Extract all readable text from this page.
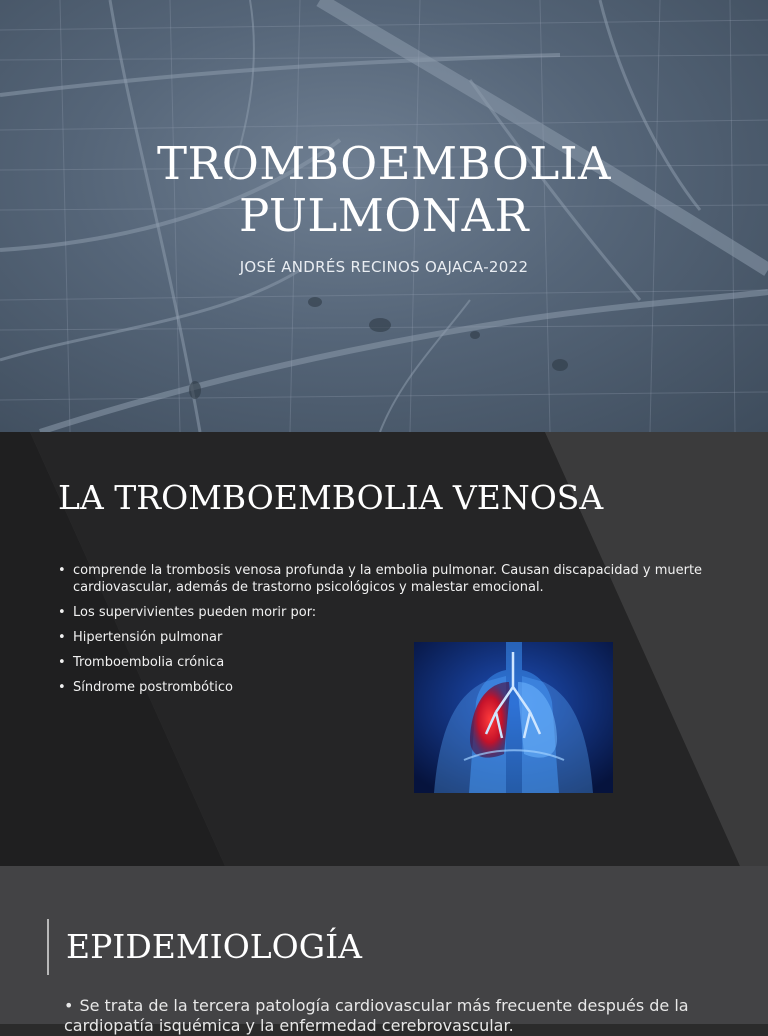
TROMBOEMBOLIA
PULMONAR
JOSÉ ANDRÉS RECINOS OAJACA-2022
LA TROMBOEMBOLIA VENOSA
• comprende la trombosis venosa profunda y la embolia pulmonar. Causan discapacidad y muerte cardiovascular, además de trastorno psicológicos y malestar emocional.
• Los supervivientes pueden morir por:
• Hipertensión pulmonar
• Tromboembolia crónica
• Síndrome postrombótico
EPIDEMIOLOGÍA
• Se trata de la tercera patología cardiovascular más frecuente después de la cardiopatía isquémica y la enfermedad cerebrovascular.
